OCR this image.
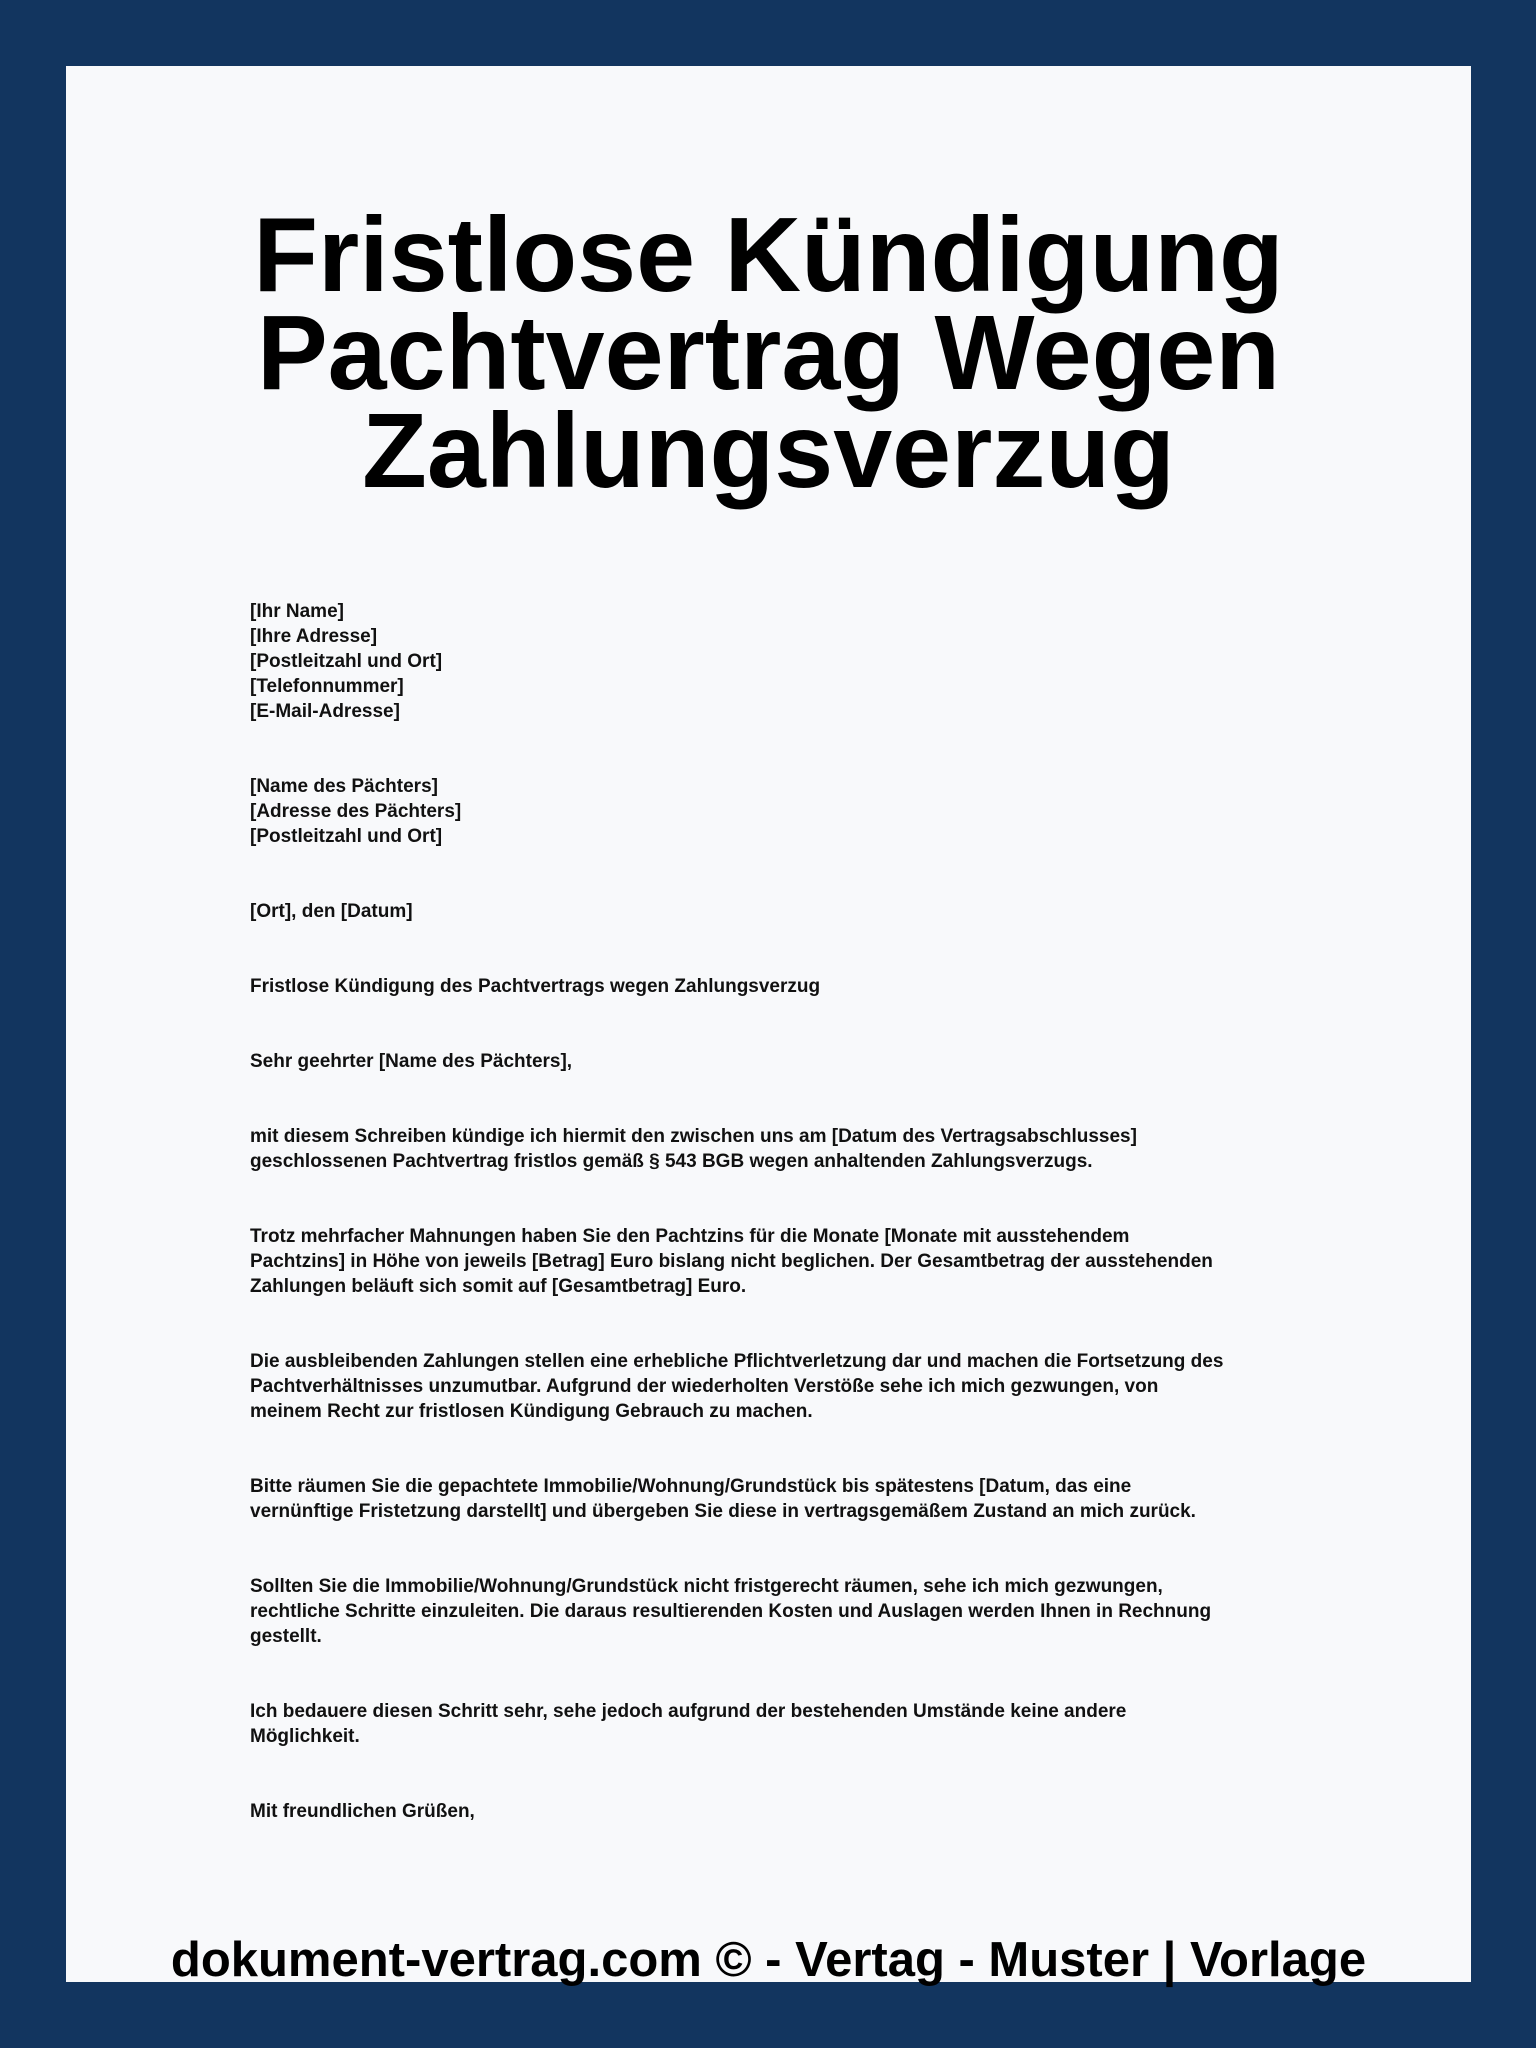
Fristlose Kündigung
Pachtvertrag Wegen
Zahlungsverzug
[Ihr Name]
[Ihre Adresse]
[Postleitzahl und Ort]
[Telefonnummer]
[E-Mail-Adresse]
[Name des Pächters]
[Adresse des Pächters]
[Postleitzahl und Ort]
[Ort], den [Datum]
Fristlose Kündigung des Pachtvertrags wegen Zahlungsverzug
Sehr geehrter [Name des Pächters],
mit diesem Schreiben kündige ich hiermit den zwischen uns am [Datum des Vertragsabschlusses]
geschlossenen Pachtvertrag fristlos gemäß § 543 BGB wegen anhaltenden Zahlungsverzugs.
Trotz mehrfacher Mahnungen haben Sie den Pachtzins für die Monate [Monate mit ausstehendem
Pachtzins] in Höhe von jeweils [Betrag] Euro bislang nicht beglichen. Der Gesamtbetrag der ausstehenden
Zahlungen beläuft sich somit auf [Gesamtbetrag] Euro.
Die ausbleibenden Zahlungen stellen eine erhebliche Pflichtverletzung dar und machen die Fortsetzung des
Pachtverhältnisses unzumutbar. Aufgrund der wiederholten Verstöße sehe ich mich gezwungen, von
meinem Recht zur fristlosen Kündigung Gebrauch zu machen.
Bitte räumen Sie die gepachtete Immobilie/Wohnung/Grundstück bis spätestens [Datum, das eine
vernünftige Fristetzung darstellt] und übergeben Sie diese in vertragsgemäßem Zustand an mich zurück.
Sollten Sie die Immobilie/Wohnung/Grundstück nicht fristgerecht räumen, sehe ich mich gezwungen,
rechtliche Schritte einzuleiten. Die daraus resultierenden Kosten und Auslagen werden Ihnen in Rechnung
gestellt.
Ich bedauere diesen Schritt sehr, sehe jedoch aufgrund der bestehenden Umstände keine andere
Möglichkeit.
Mit freundlichen Grüßen,
dokument-vertrag.com © - Vertag - Muster | Vorlage
